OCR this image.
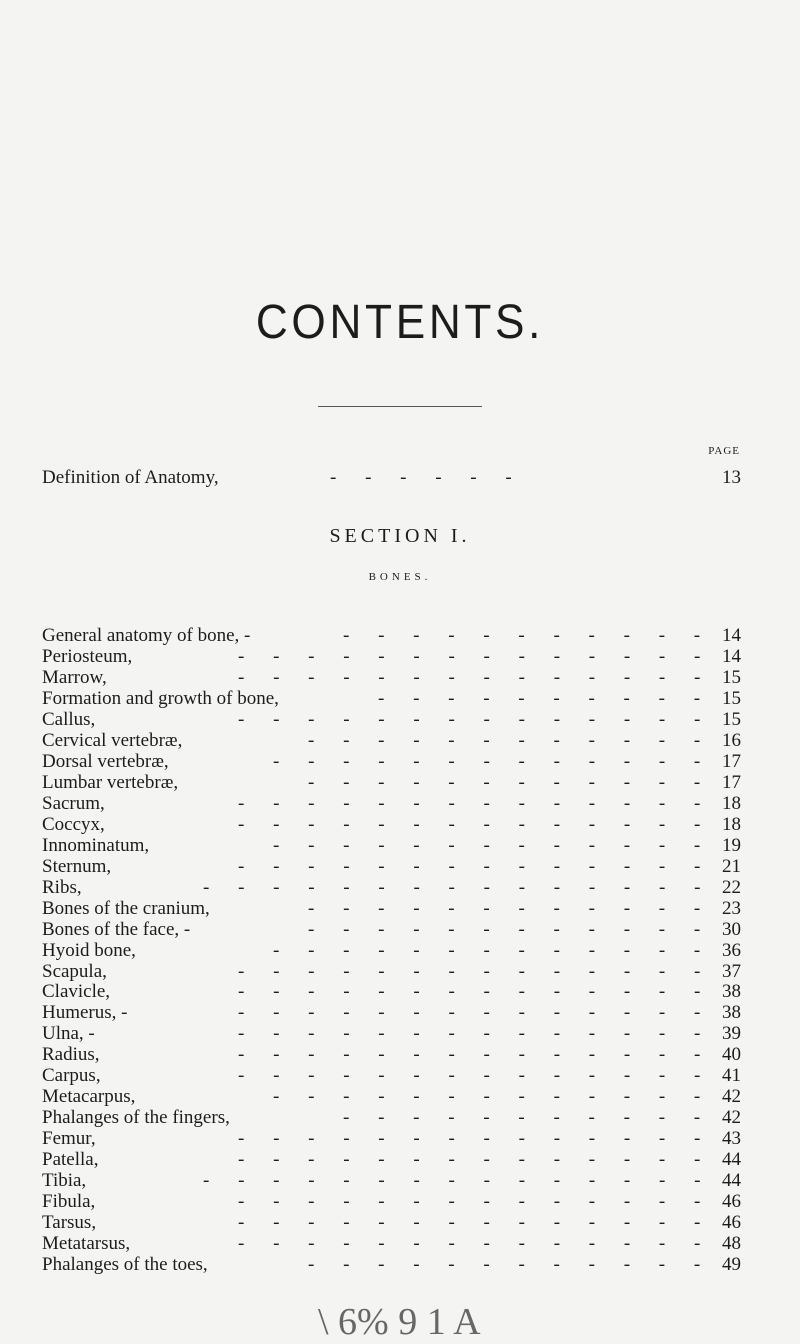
CONTENTS.
PAGE
Definition of Anatomy,	- - - - - -	13
SECTION I.
BONES.
General anatomy of bone, -	- - - - - - - - - - - 14
Periosteum,	- - - - - - - - - - - - - - 14
Marrow,	- - - - - - - - - - - - - - 15
Formation and growth of bone,	- - - - - - - - - - 15
Callus,	- - - - - - - - - - - - - - 15
Cervical vertebræ,	- - - - - - - - - - - - 16
Dorsal vertebræ,	- - - - - - - - - - - - - 17
Lumbar vertebræ,	- - - - - - - - - - - - 17
Sacrum,	- - - - - - - - - - - - - - 18
Coccyx,	- - - - - - - - - - - - - - 18
Innominatum,	- - - - - - - - - - - - - 19
Sternum,	- - - - - - - - - - - - - - 21
Ribs,	- - - - - - - - - - - - - - - 22
Bones of the cranium,	- - - - - - - - - - - - 23
Bones of the face, -	- - - - - - - - - - - - 30
Hyoid bone,	- - - - - - - - - - - - - 36
Scapula,	- - - - - - - - - - - - - - 37
Clavicle,	- - - - - - - - - - - - - - 38
Humerus, -	- - - - - - - - - - - - - - 38
Ulna, -	- - - - - - - - - - - - - - 39
Radius,	- - - - - - - - - - - - - - 40
Carpus,	- - - - - - - - - - - - - - 41
Metacarpus,	- - - - - - - - - - - - - 42
Phalanges of the fingers,	- - - - - - - - - - - 42
Femur,	- - - - - - - - - - - - - - 43
Patella,	- - - - - - - - - - - - - - 44
Tibia,	- - - - - - - - - - - - - - - 44
Fibula,	- - - - - - - - - - - - - - 46
Tarsus,	- - - - - - - - - - - - - - 46
Metatarsus,	- - - - - - - - - - - - - - 48
Phalanges of the toes,	- - - - - - - - - - - - 49
\ 6% 9 1 A
